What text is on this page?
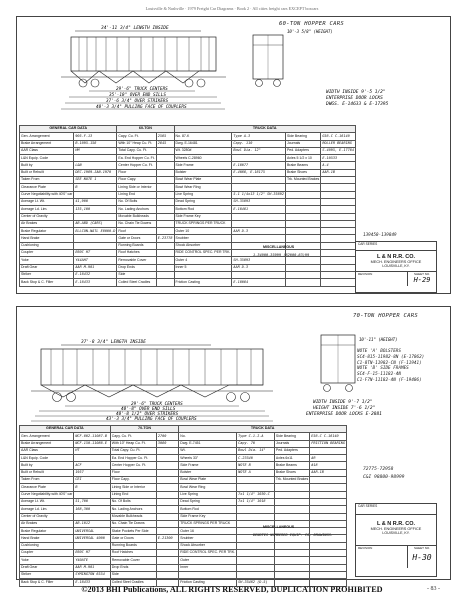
Louisville & Nashville · 1979 Freight Car Diagrams · Book 2 · All cities freight cars EXCEPT boxcars
60-TON HOPPER CARS
34'-11 3/4" LENGTH INSIDE
29'-6" TRUCK CENTERS
35'-10" OVER END SILLS
37'-6 3/4" OVER STRIKERS
40'-3 3/4" PULLING FACE OF COUPLERS
10'-3 5/8" (HEIGHT)
WIDTH INSIDE 9'-5 1/2"
ENTERPRISE DOOR LOCKS
DWGS. E-14633 & E-17395
GENERAL CAR DATA		60-TON		TRUCK DATA			
Gen. Arrangement	905-F-13	Capy. Cu. Ft.	2565	No. 87-K	Type A-3	Side Bearing	G56-C C-16140
Brake Arrangement	B-1095-158	With 10" Heap Cu. Ft.	2845	Dwg. E-16481	Capy. 110	Journals	ROLLER BEARING
AAR Class	HM	Total Capy. Cu. Ft.		Wt. 3280#	Bowl Dia. 12"	Ped. Adapters	S-4095, E-17764
L&N Equip. Code		Ea. End Hopper Cu. Ft.		Wheels C-28960		Axles 5 1/2 x 10	E-10533
Built by	L&N	Center Hopper Cu. Ft.		Side Frame	E-16077	Brake Beams	A-4
Built or Rebuilt	DEC.1969-JAN.1970	Floor		Bolster	E-4088, E-16175	Brake Shoes	AAR-1B
Taken From	SEE NOTE 1	Floor Capy.		Bowl Wear Plate		Trk. Mounted Brakes	
Clearance Plate	B	Lining Side or Interior		Bowl Wear Ring			
Curve Negotiability-with 40'0" car		Lining End		Live Spring	5-1 1/4x13 1/2" SH-35692		
Average Lt. Wt.	41,900	No. Of Bolts		Dead Spring	SH-35693		
Average Ld. Lim.	135,100	No. Lading Anchors		Bottom Rod	E-16481		
Center of Gravity		Movable Bulkheads		Side Frame Key			
Air Brakes	AB-ABD (CARS)	No. Chain Tie Downs		TRUCK SPRINGS PER TRUCK			
Brake Regulator	ELLCON-NATL E6000-D	Roof		Outer 10	AAR D-3		
Hand Brake		Gate or Doors	E-23778	Snubber			
Cushioning		Running Boards		Shock Absorber			
Coupler	E60C HT	Roof Hatches		RIDE CONTROL SPEC. PER TRK.			
Yoke	Y44AHT	Removable Cover		Outer 4	SH-35693		
Draft Gear	AAR M-901	Drop Ends		Inner 5	AAR D-3		
Striker	E-16432	Side					
Back Stop & C. Filler	E-16433	Coiled Steel Cradles		Friction Casting	E-16084		
CAR SERIES
L & N R.R. CO.
MECH. ENGINEERS OFFICE
LOUISVILLE, KY.
REVISION	SHEET NO.
H-29
139450-139849
MISCELLANEOUS
1.34000-35999 (82000-83)99
70-TON HOPPER CARS
37'-8 3/4" LENGTH INSIDE
29'-6" TRUCK CENTERS
40'-8" OVER END SILLS
40'-8 1/2" OVER STRIKERS
43'-3 3/4" PULLING FACE OF COUPLERS
10'-11" (HEIGHT)
WIDTH INSIDE 9'-7 1/2"
HEIGHT INSIDE 7'-6 1/2"
ENTERPRISE DOOR LOCKS E-2881
NOTE 'A' BOLSTERS
SC4-815-11982-8N (E-17062)
C1-8TN-11982-CN (F-11941)
NOTE 'B' SIDE FRAMES
SC4-F-15-11182-4N
C1-F7N-11182-4N (F-19406)
GENERAL CAR DATA		70-TON		TRUCK DATA			
Gen. Arrangement	NCF-602-11087-B	Capy. Cu. Ft.	2700	No.	Type C-1-I-A	Side Bearing	E56-C C-16140
Brake Arrangement	NCF-150-11086-E	With 10" Heap Cu. Ft.	3080	Dwg. E-7451	Capy. 70	Journals	FRICTION BEARING
AAR Class	HT	Total Capy. Cu. Ft.		Wt.	Bowl Dia. 14"	Ped. Adapters	
L&N Equip. Code		Ea. End Hopper Cu. Ft.		Wheels 33"	C-23540	Axles 6x11	AR
Built by	ACF	Center Hopper Cu. Ft.		Side Frame	NOTE B	Brake Beams	#18
Built or Rebuilt	1957	Floor		Bolster	NOTE A	Brake Shoes	AAR-1B
Taken From	CEI	Floor Capy.		Bowl Wear Plate		Trk. Mounted Brakes	
Clearance Plate	B	Lining Side or Interior		Bowl Wear Ring			
Curve Negotiability-with 40'0" car		Lining End		Live Spring	7x1 1/4" 1030-C		
Average Lt. Wt.	51,700	No. Of Bolts		Dead Spring	7x1 1/4" 1018		
Average Ld. Lim.	168,300	No. Lading Anchors		Bottom Rod			
Center of Gravity		Movable Bulkheads		Side Frame Key			
Air Brakes	AB-1012	No. Chain Tie Downs		TRUCK SPRINGS PER TRUCK			
Brake Regulator	UNIVERSAL	Stake Pockets Per Side		Outer 16			
Hand Brake	UNIVERSAL 4000	Gate or Doors	E-21300	Snubber			
Cushioning		Running Boards		Shock Absorber			
Coupler	E60C HT	Roof Hatches		RIDE CONTROL SPEC. PER TRK.			
Yoke	Y40ATE	Removable Cover		Outer			
Draft Gear	AAR M-901	Drop Ends		Inner			
Striker	SYMINGTON 6554	Side					
Back Stop & C. Filler	E-16433	Coiled Steel Cradles		Friction Casting	SH-35482 (D-5)		
72775-72958
C&I 98800-98999
MISCELLANEOUS
DENOTES NUMBERED EQUIP. CO. DRAWINGS.
CAR SERIES
L & N R.R. CO.
MECH. ENGINEERS OFFICE
LOUISVILLE, KY.
REVISION	SHEET NO.
H-30
©2013 BHI Publications, ALL RIGHTS RESERVED, DUPLICATION PROHIBITED	- 83 -
